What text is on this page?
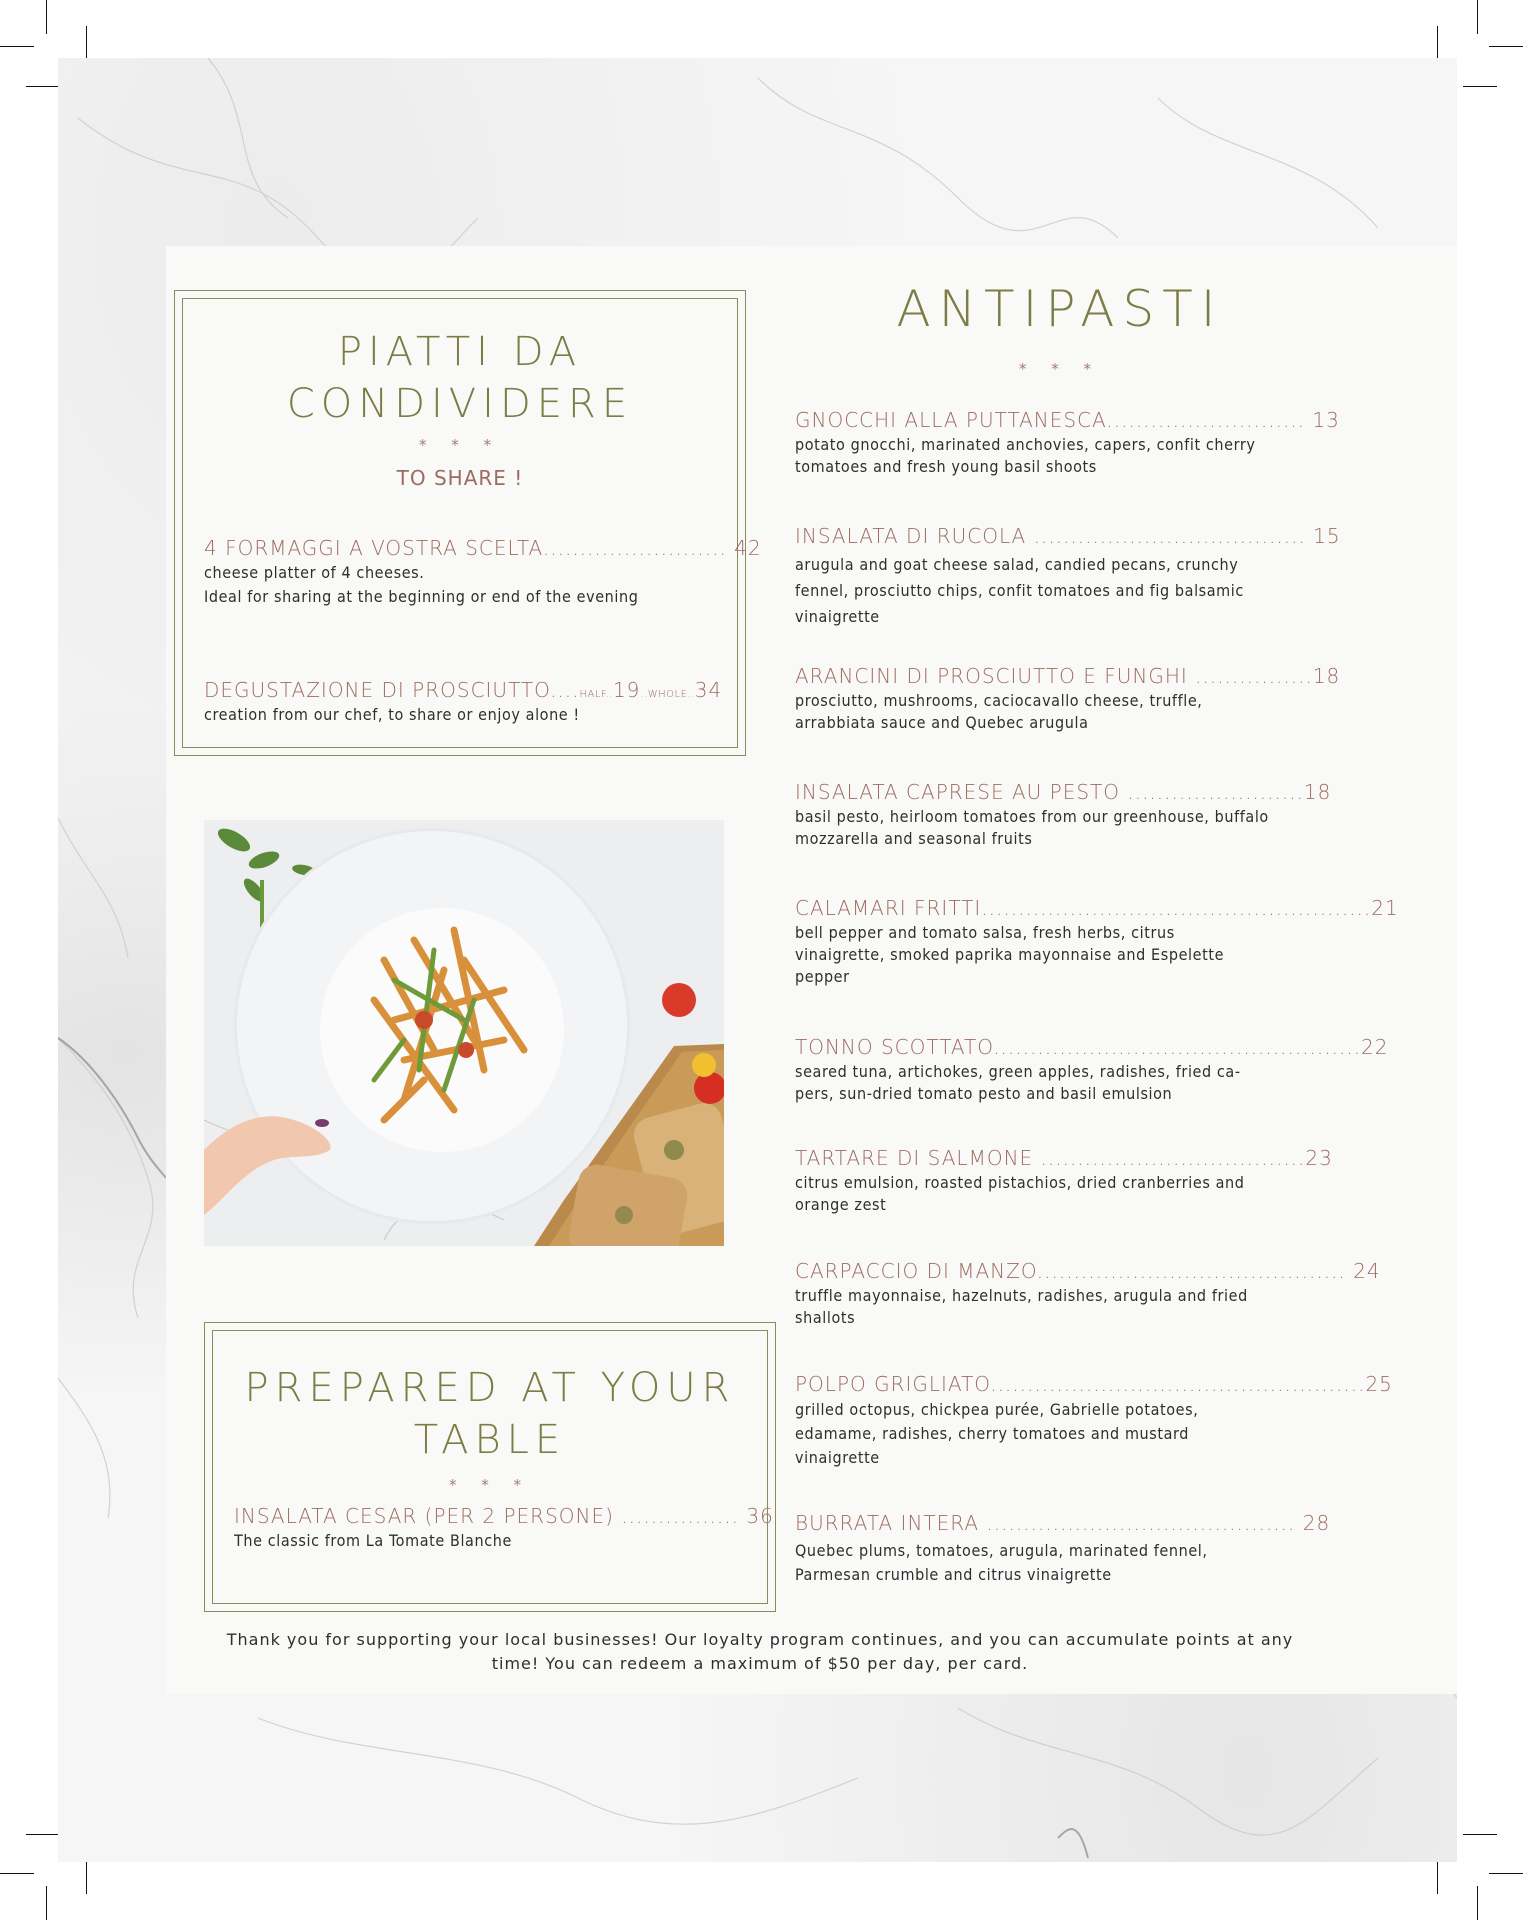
PIATTI DA
CONDIVIDERE
* * *
TO SHARE !
4 FORMAGGI A VOSTRA SCELTA......................... 42
cheese platter of 4 cheeses.
Ideal for sharing at the beginning or end of the evening
DEGUSTAZIONE DI PROSCIUTTO....HALF..19..WHOLE..34
creation from our chef, to share or enjoy alone !
PREPARED AT YOUR
TABLE
* * *
INSALATA CESAR (PER 2 PERSONE) ................ 36
The classic from La Tomate Blanche
ANTIPASTI
* * *
GNOCCHI ALLA PUTTANESCA........................... 13
potato gnocchi, marinated anchovies, capers, confit cherry
tomatoes and fresh young basil shoots
INSALATA DI RUCOLA ..................................... 15
arugula and goat cheese salad, candied pecans, crunchy
fennel, prosciutto chips, confit tomatoes and fig balsamic
vinaigrette
ARANCINI DI PROSCIUTTO E FUNGHI ................18
prosciutto, mushrooms, caciocavallo cheese, truffle,
arrabbiata sauce and Quebec arugula
INSALATA CAPRESE AU PESTO ........................18
basil pesto, heirloom tomatoes from our greenhouse, buffalo
mozzarella and seasonal fruits
CALAMARI FRITTI.....................................................21
bell pepper and tomato salsa, fresh herbs, citrus
vinaigrette, smoked paprika mayonnaise and Espelette
pepper
TONNO SCOTTATO..................................................22
seared tuna, artichokes, green apples, radishes, fried ca-
pers, sun-dried tomato pesto and basil emulsion
TARTARE DI SALMONE ....................................23
citrus emulsion, roasted pistachios, dried cranberries and
orange zest
CARPACCIO DI MANZO.......................................... 24
truffle mayonnaise, hazelnuts, radishes, arugula and fried
shallots
POLPO GRIGLIATO...................................................25
grilled octopus, chickpea purée, Gabrielle potatoes,
edamame, radishes, cherry tomatoes and mustard
vinaigrette
BURRATA INTERA .......................................... 28
Quebec plums, tomatoes, arugula, marinated fennel,
Parmesan crumble and citrus vinaigrette
Thank you for supporting your local businesses! Our loyalty program continues, and you can accumulate points at any
time! You can redeem a maximum of $50 per day, per card.
